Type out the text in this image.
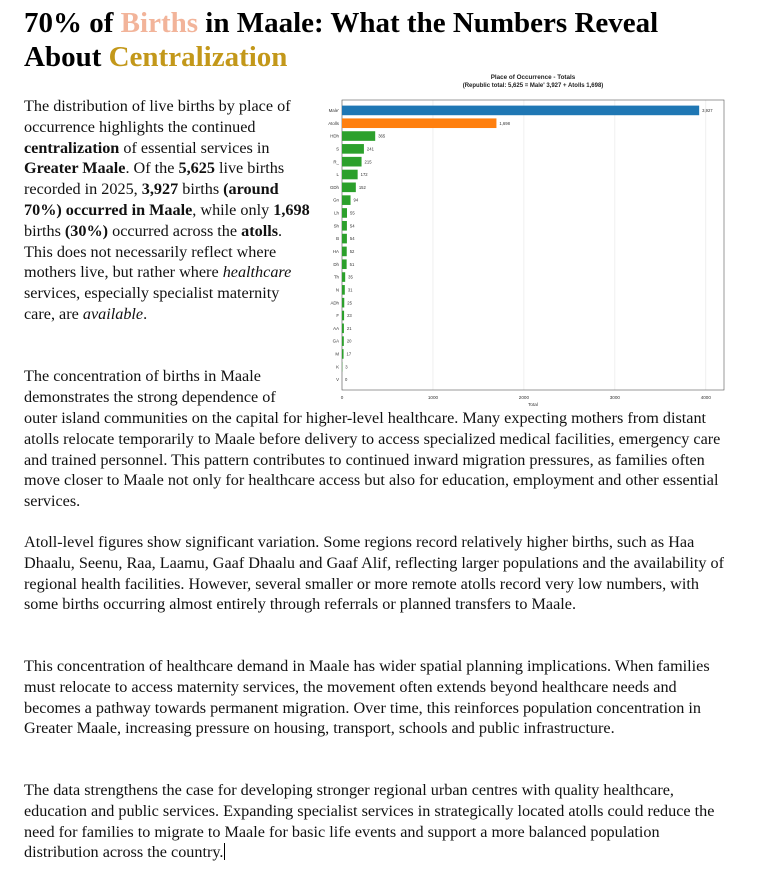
70% of Births in Maale: What the Numbers Reveal About Centralization
Place of Occurrence - Totals
(Republic total: 5,625 = Male' 3,927 + Atolls 1,698)
0	1000	2000	3000	4000
Male'	3,927
Atolls	1,698
HDh	365
S	241
R_	215
L	172
GDh	152
Gn	94
Lh	55
Sh	54
B	54
HA	52
Dh	51
Th 35
N 31
ADh 25
F 23
AA 21
GA 20
M 17
K 3
V 0
Total
The distribution of live births by place of occurrence highlights the continued centralization of essential services in Greater Maale. Of the 5,625 live births recorded in 2025, 3,927 births (around 70%) occurred in Maale, while only 1,698 births (30%) occurred across the atolls. This does not necessarily reflect where mothers live, but rather where healthcare services, especially specialist maternity care, are available.
The concentration of births in Maale demonstrates the strong dependence of
outer island communities on the capital for higher-level healthcare. Many expecting mothers from distant atolls relocate temporarily to Maale before delivery to access specialized medical facilities, emergency care and trained personnel. This pattern contributes to continued inward migration pressures, as families often move closer to Maale not only for healthcare access but also for education, employment and other essential services.
Atoll-level figures show significant variation. Some regions record relatively higher births, such as Haa Dhaalu, Seenu, Raa, Laamu, Gaaf Dhaalu and Gaaf Alif, reflecting larger populations and the availability of regional health facilities. However, several smaller or more remote atolls record very low numbers, with some births occurring almost entirely through referrals or planned transfers to Maale.
This concentration of healthcare demand in Maale has wider spatial planning implications. When families must relocate to access maternity services, the movement often extends beyond healthcare needs and becomes a pathway towards permanent migration. Over time, this reinforces population concentration in Greater Maale, increasing pressure on housing, transport, schools and public infrastructure.
The data strengthens the case for developing stronger regional urban centres with quality healthcare, education and public services. Expanding specialist services in strategically located atolls could reduce the need for families to migrate to Maale for basic life events and support a more balanced population distribution across the country.
